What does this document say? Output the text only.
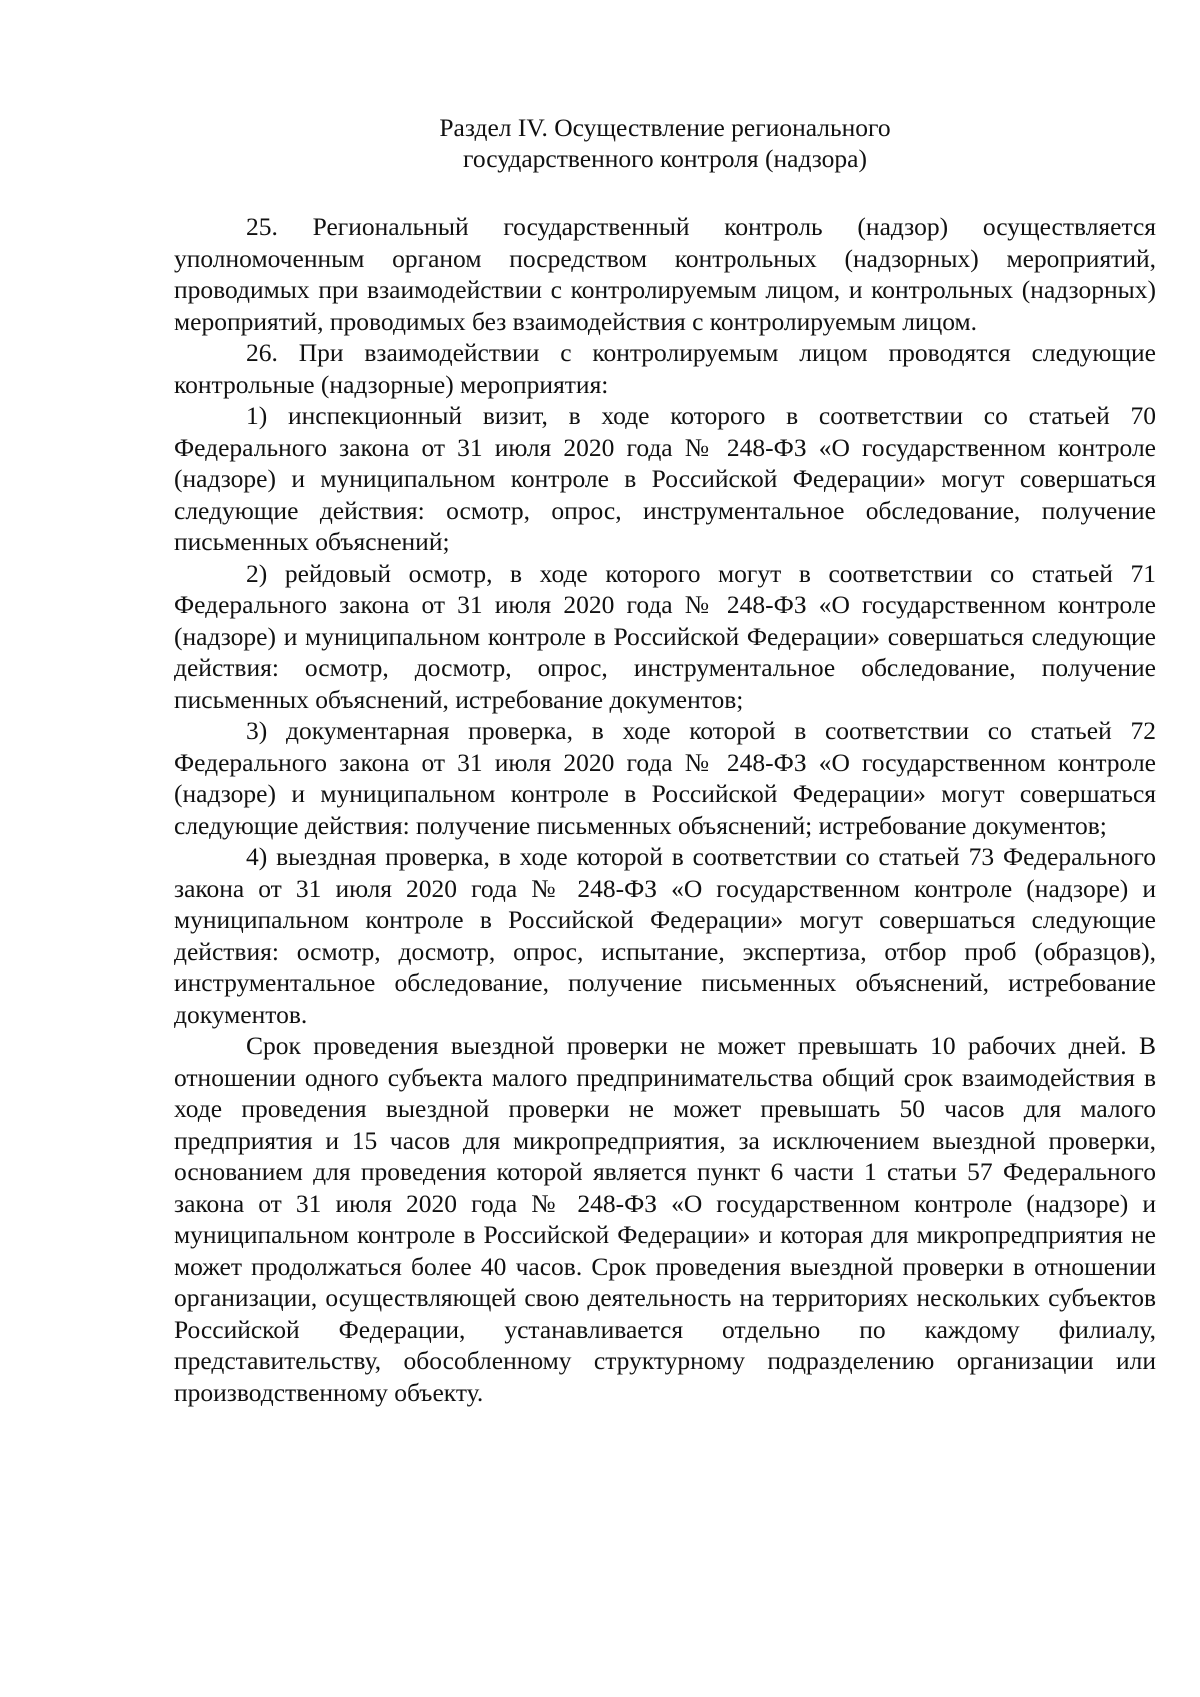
Раздел IV. Осуществление регионального
государственного контроля (надзора)

25. Региональный государственный контроль (надзор) осуществляется уполномоченным органом посредством контрольных (надзорных) мероприятий, проводимых при взаимодействии с контролируемым лицом, и контрольных (надзорных) мероприятий, проводимых без взаимодействия с контролируемым лицом.

26. При взаимодействии с контролируемым лицом проводятся следующие контрольные (надзорные) мероприятия:

1) инспекционный визит, в ходе которого в соответствии со статьей 70 Федерального закона от 31 июля 2020 года № 248-ФЗ «О государственном контроле (надзоре) и муниципальном контроле в Российской Федерации» могут совершаться следующие действия: осмотр, опрос, инструментальное обследование, получение письменных объяснений;

2) рейдовый осмотр, в ходе которого могут в соответствии со статьей 71 Федерального закона от 31 июля 2020 года № 248-ФЗ «О государственном контроле (надзоре) и муниципальном контроле в Российской Федерации» совершаться следующие действия: осмотр, досмотр, опрос, инструментальное обследование, получение письменных объяснений, истребование документов;

3) документарная проверка, в ходе которой в соответствии со статьей 72 Федерального закона от 31 июля 2020 года № 248-ФЗ «О государственном контроле (надзоре) и муниципальном контроле в Российской Федерации» могут совершаться следующие действия: получение письменных объяснений; истребование документов;

4) выездная проверка, в ходе которой в соответствии со статьей 73 Федерального закона от 31 июля 2020 года № 248-ФЗ «О государственном контроле (надзоре) и муниципальном контроле в Российской Федерации» могут совершаться следующие действия: осмотр, досмотр, опрос, испытание, экспертиза, отбор проб (образцов), инструментальное обследование, получение письменных объяснений, истребование документов.

Срок проведения выездной проверки не может превышать 10 рабочих дней. В отношении одного субъекта малого предпринимательства общий срок взаимодействия в ходе проведения выездной проверки не может превышать 50 часов для малого предприятия и 15 часов для микропредприятия, за исключением выездной проверки, основанием для проведения которой является пункт 6 части 1 статьи 57 Федерального закона от 31 июля 2020 года № 248-ФЗ «О государственном контроле (надзоре) и муниципальном контроле в Российской Федерации» и которая для микропредприятия не может продолжаться более 40 часов. Срок проведения выездной проверки в отношении организации, осуществляющей свою деятельность на территориях нескольких субъектов Российской Федерации, устанавливается отдельно по каждому филиалу, представительству, обособленному структурному подразделению организации или производственному объекту.
